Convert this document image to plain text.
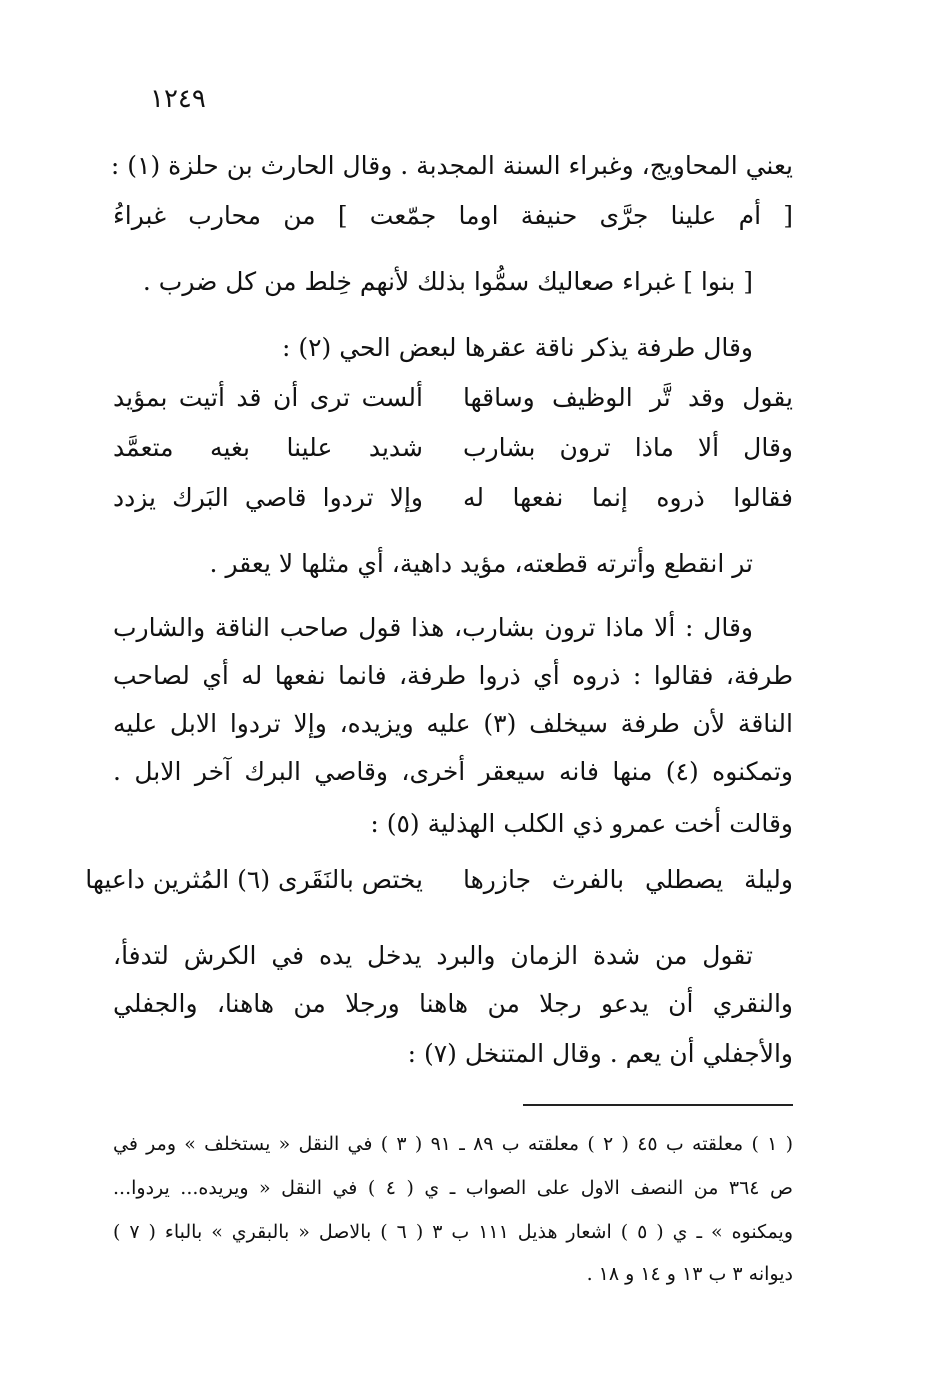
١٢٤٩
يعني المحاويج، وغبراء السنة المجدبة . وقال الحارث بن حلزة (١) :
[ أم علينا جرَّى حنيفة اوما جمّعت ] من محارب غبراءُ
[ بنوا ] غبراء صعاليك سمُّوا بذلك لأنهم خِلط من كل ضرب .
وقال طرفة يذكر ناقة عقرها لبعض الحي (٢) :
يقول وقد تَّر الوظيف وساقها
ألست ترى أن قد أتيت بمؤيد
وقال ألا ماذا ترون بشارب
شديد علينا بغيه متعمَّد
فقالوا ذروه إنما نفعها له
وإلا تردوا قاصي البَرك يزدد
تر انقطع وأترته قطعته، مؤيد داهية، أي مثلها لا يعقر .
وقال : ألا ماذا ترون بشارب، هذا قول صاحب الناقة والشارب
طرفة، فقالوا : ذروه أي ذروا طرفة، فانما نفعها له أي لصاحب
الناقة لأن طرفة سيخلف (٣) عليه ويزيده، وإلا تردوا الابل عليه
وتمكنوه (٤) منها فانه سيعقر أخرى، وقاصي البرك آخر الابل .
وقالت أخت عمرو ذي الكلب الهذلية (٥) :
وليلة يصطلي بالفرث جازرها
يختص بالنَقَرى (٦) المُثرين داعيها
تقول من شدة الزمان والبرد يدخل يده في الكرش لتدفأ،
والنقري أن يدعو رجلا من هاهنا ورجلا من هاهنا، والجفلي
والأجفلي أن يعم . وقال المتنخل (٧) :
( ١ ) معلقته ب ٤٥ ( ٢ ) معلقته ب ٨٩ ـ ٩١ ( ٣ ) في النقل « يستخلف » ومر في
ص ٣٦٤ من النصف الاول على الصواب ـ ي ( ٤ ) في النقل « ويريده... يردوا...
ويمكنوه » ـ ي ( ٥ ) اشعار هذيل ١١١ ب ٣ ( ٦ ) بالاصل « بالبقري » بالباء ( ٧ )
ديوانه ٣ ب ١٣ و ١٤ و ١٨ .
